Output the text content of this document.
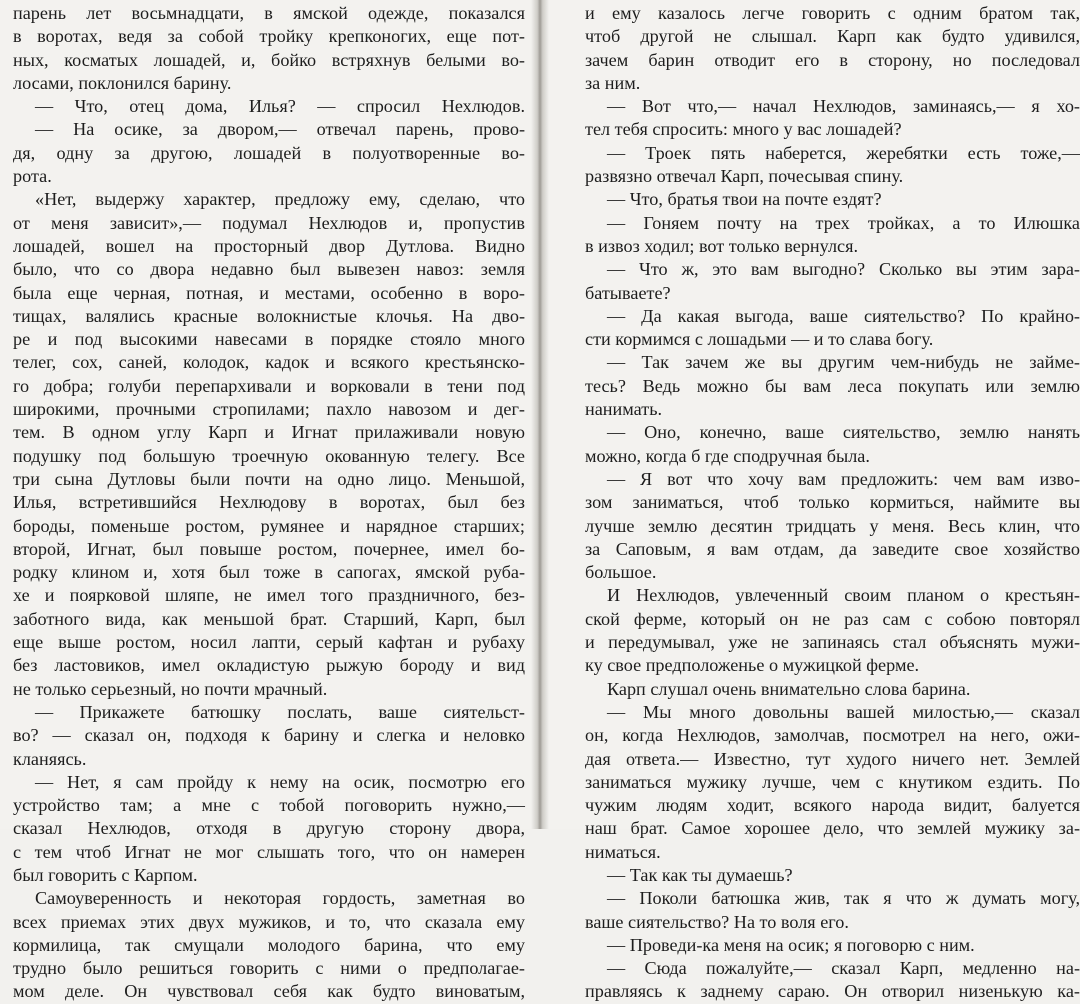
парень лет восьмнадцати, в ямской одежде, показался
в воротах, ведя за собой тройку крепконогих, еще пот-
ных, косматых лошадей, и, бойко встряхнув белыми во-
лосами, поклонился барину.
— Что, отец дома, Илья? — спросил Нехлюдов.
— На осике, за двором,— отвечал парень, прово-
дя, одну за другою, лошадей в полуотворенные во-
рота.
«Нет, выдержу характер, предложу ему, сделаю, что
от меня зависит»,— подумал Нехлюдов и, пропустив
лошадей, вошел на просторный двор Дутлова. Видно
было, что со двора недавно был вывезен навоз: земля
была еще черная, потная, и местами, особенно в воро-
тищах, валялись красные волокнистые клочья. На дво-
ре и под высокими навесами в порядке стояло много
телег, сох, саней, колодок, кадок и всякого крестьянско-
го добра; голуби перепархивали и ворковали в тени под
широкими, прочными стропилами; пахло навозом и дег-
тем. В одном углу Карп и Игнат прилаживали новую
подушку под большую троечную окованную телегу. Все
три сына Дутловы были почти на одно лицо. Меньшой,
Илья, встретившийся Нехлюдову в воротах, был без
бороды, поменьше ростом, румянее и нарядное старших;
второй, Игнат, был повыше ростом, почернее, имел бо-
родку клином и, хотя был тоже в сапогах, ямской рубa-
хе и поярковой шляпе, не имел того праздничного, без-
заботного вида, как меньшой брат. Старший, Карп, был
еще выше ростом, носил лапти, серый кафтан и рубаху
без ластовиков, имел окладистую рыжую бороду и вид
не только серьезный, но почти мрачный.
— Прикажете батюшку послать, ваше сиятельст-
во? — сказал он, подходя к барину и слегка и неловко
кланяясь.
— Нет, я сам пройду к нему на осик, посмотрю его
устройство там; а мне с тобой поговорить нужно,—
сказал Нехлюдов, отходя в другую сторону двора,
с тем чтоб Игнат не мог слышать того, что он намерен
был говорить с Карпом.
Самоуверенность и некоторая гордость, заметная во
всех приемах этих двух мужиков, и то, что сказала ему
кормилица, так смущали молодого барина, что ему
трудно было решиться говорить с ними о предполагае-
мом деле. Он чувствовал себя как будто виноватым,
и ему казалось легче говорить с одним братом так,
чтоб другой не слышал. Карп как будто удивился,
зачем барин отводит его в сторону, но последовал
за ним.
— Вот что,— начал Нехлюдов, заминаясь,— я хо-
тел тебя спросить: много у вас лошадей?
— Троек пять наберется, жеребятки есть тоже,—
развязно отвечал Карп, почесывая спину.
— Что, братья твои на почте ездят?
— Гоняем почту на трех тройках, а то Илюшка
в извоз ходил; вот только вернулся.
— Что ж, это вам выгодно? Сколько вы этим зара-
батываете?
— Да какая выгода, ваше сиятельство? По крайно-
сти кормимся с лошадьми — и то слава богу.
— Так зачем же вы другим чем-нибудь не займе-
тесь? Ведь можно бы вам леса покупать или землю
нанимать.
— Оно, конечно, ваше сиятельство, землю нанять
можно, когда б где сподручная была.
— Я вот что хочу вам предложить: чем вам изво-
зом заниматься, чтоб только кормиться, наймите вы
лучше землю десятин тридцать у меня. Весь клин, что
за Саповым, я вам отдам, да заведите свое хозяйство
большое.
И Нехлюдов, увлеченный своим планом о крестьян-
ской ферме, который он не раз сам с собою повторял
и передумывал, уже не запинаясь стал объяснять мужи-
ку свое предположенье о мужицкой ферме.
Карп слушал очень внимательно слова барина.
— Мы много довольны вашей милостью,— сказал
он, когда Нехлюдов, замолчав, посмотрел на него, ожи-
дая ответа.— Известно, тут худого ничего нет. Землей
заниматься мужику лучше, чем с кнутиком ездить. По
чужим людям ходит, всякого народа видит, балуется
наш брат. Самое хорошее дело, что землей мужику за-
ниматься.
— Так как ты думаешь?
— Поколи батюшка жив, так я что ж думать могу,
ваше сиятельство? На то воля его.
— Проведи-ка меня на осик; я поговорю с ним.
— Сюда пожалуйте,— сказал Карп, медленно на-
правляясь к заднему сараю. Он отворил низенькую ка-
